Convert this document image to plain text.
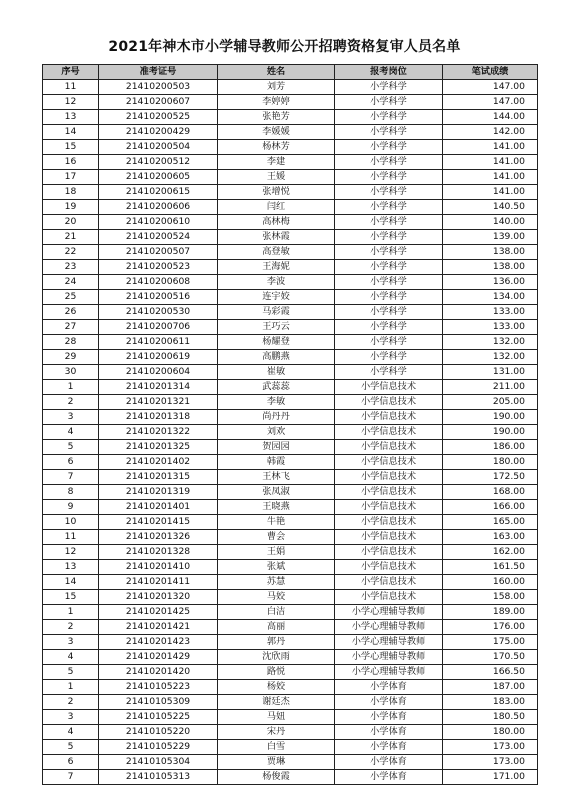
2021年神木市小学辅导教师公开招聘资格复审人员名单
序号	准考证号	姓名	报考岗位	笔试成绩
11	21410200503	刘芳	小学科学	147.00
12	21410200607	李婷婷	小学科学	147.00
13	21410200525	张艳芳	小学科学	144.00
14	21410200429	李媛媛	小学科学	142.00
15	21410200504	杨林芳	小学科学	141.00
16	21410200512	李建	小学科学	141.00
17	21410200605	王媛	小学科学	141.00
18	21410200615	张增悦	小学科学	141.00
19	21410200606	闫红	小学科学	140.50
20	21410200610	高林梅	小学科学	140.00
21	21410200524	张林霞	小学科学	139.00
22	21410200507	高登敏	小学科学	138.00
23	21410200523	王海妮	小学科学	138.00
24	21410200608	李波	小学科学	136.00
25	21410200516	连宇姣	小学科学	134.00
26	21410200530	马彩霞	小学科学	133.00
27	21410200706	王巧云	小学科学	133.00
28	21410200611	杨耀登	小学科学	132.00
29	21410200619	高鹏燕	小学科学	132.00
30	21410200604	崔敏	小学科学	131.00
1	21410201314	武蕊蕊	小学信息技术	211.00
2	21410201321	李敏	小学信息技术	205.00
3	21410201318	尚丹丹	小学信息技术	190.00
4	21410201322	刘欢	小学信息技术	190.00
5	21410201325	贺园园	小学信息技术	186.00
6	21410201402	韩霞	小学信息技术	180.00
7	21410201315	王林飞	小学信息技术	172.50
8	21410201319	张凤淑	小学信息技术	168.00
9	21410201401	王晓燕	小学信息技术	166.00
10	21410201415	牛艳	小学信息技术	165.00
11	21410201326	曹会	小学信息技术	163.00
12	21410201328	王娟	小学信息技术	162.00
13	21410201410	张斌	小学信息技术	161.50
14	21410201411	苏慧	小学信息技术	160.00
15	21410201320	马姣	小学信息技术	158.00
1	21410201425	白洁	小学心理辅导教师	189.00
2	21410201421	高丽	小学心理辅导教师	176.00
3	21410201423	郭丹	小学心理辅导教师	175.00
4	21410201429	沈欣雨	小学心理辅导教师	170.50
5	21410201420	路悦	小学心理辅导教师	166.50
1	21410105223	杨姣	小学体育	187.00
2	21410105309	谢廷杰	小学体育	183.00
3	21410105225	马妞	小学体育	180.50
4	21410105220	宋丹	小学体育	180.00
5	21410105229	白雪	小学体育	173.00
6	21410105304	贾琳	小学体育	173.00
7	21410105313	杨俊霞	小学体育	171.00
